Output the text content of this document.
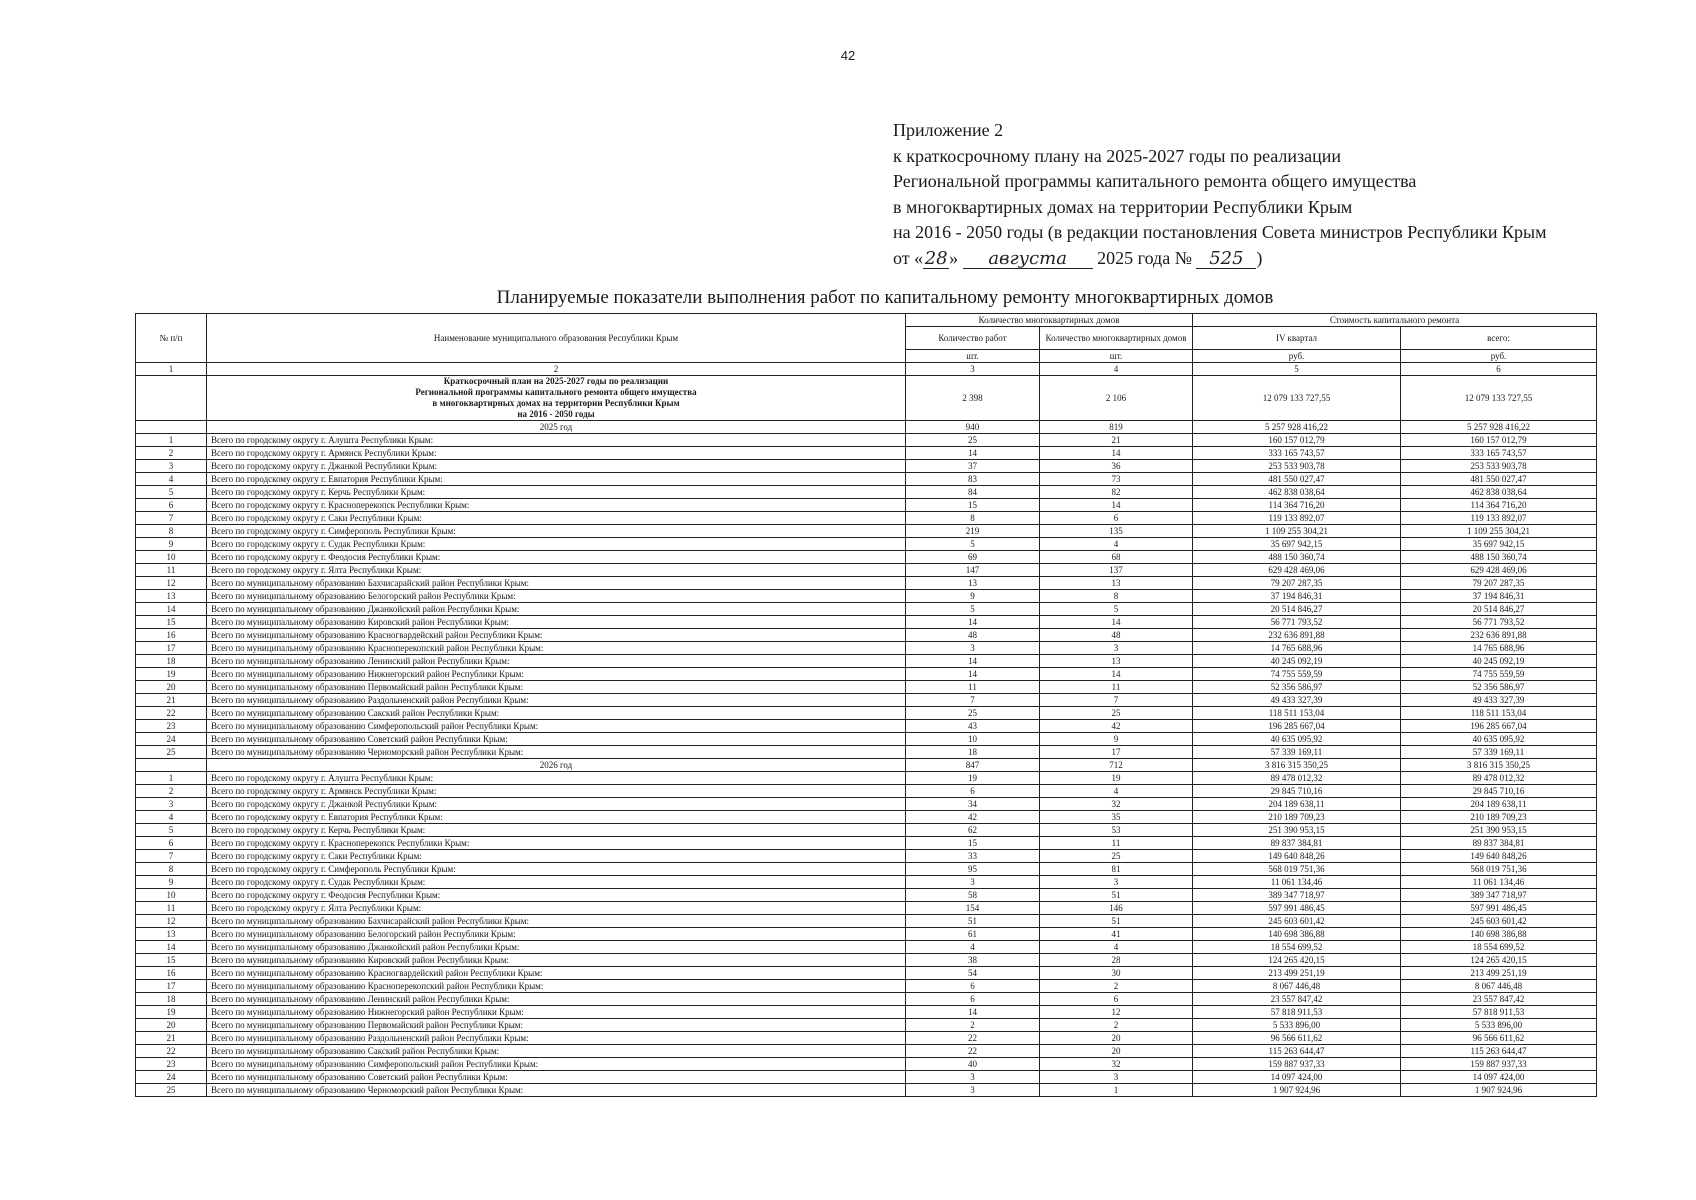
42
Приложение 2
к краткосрочному плану на 2025-2027 годы по реализации
Региональной программы капитального ремонта общего имущества
в многоквартирных домах на территории Республики Крым
на 2016 - 2050 годы (в редакции постановления Совета министров Республики Крым
от «28» августа 2025 года № 525 )
Планируемые показатели выполнения работ по капитальному ремонту многоквартирных домов
№ п/п	Наименование муниципального образования Республики Крым	Количество многоквартирных домов		Стоимость капитального ремонта	
		Количество работ	Количество многоквартирных домов	IV квартал	всего:
		шт.	шт.	руб.	руб.
1	2	3	4	5	6

	Краткосрочный план на 2025-2027 годы по реализации
Региональной программы капитального ремонта общего имущества
в многоквартирных домах на территории Республики Крым
на 2016 - 2050 годы	2 398	2 106	12 079 133 727,55	12 079 133 727,55
	2025 год	940	819	5 257 928 416,22	5 257 928 416,22
1	Всего по городскому округу г. Алушта Республики Крым:	25	21	160 157 012,79	160 157 012,79
2	Всего по городскому округу г. Армянск Республики Крым:	14	14	333 165 743,57	333 165 743,57
3	Всего по городскому округу г. Джанкой Республики Крым:	37	36	253 533 903,78	253 533 903,78
4	Всего по городскому округу г. Евпатория Республики Крым:	83	73	481 550 027,47	481 550 027,47
5	Всего по городскому округу г. Керчь Республики Крым:	84	82	462 838 038,64	462 838 038,64
6	Всего по городскому округу г. Красноперекопск Республики Крым:	15	14	114 364 716,20	114 364 716,20
7	Всего по городскому округу г. Саки Республики Крым:	8	6	119 133 892,07	119 133 892,07
8	Всего по городскому округу г. Симферополь Республики Крым:	219	135	1 109 255 304,21	1 109 255 304,21
9	Всего по городскому округу г. Судак Республики Крым:	5	4	35 697 942,15	35 697 942,15
10	Всего по городскому округу г. Феодосия Республики Крым:	69	68	488 150 360,74	488 150 360,74
11	Всего по городскому округу г. Ялта Республики Крым:	147	137	629 428 469,06	629 428 469,06
12	Всего по муниципальному образованию Бахчисарайский район Республики Крым:	13	13	79 207 287,35	79 207 287,35
13	Всего по муниципальному образованию Белогорский район Республики Крым:	9	8	37 194 846,31	37 194 846,31
14	Всего по муниципальному образованию Джанкойский район Республики Крым:	5	5	20 514 846,27	20 514 846,27
15	Всего по муниципальному образованию Кировский район Республики Крым:	14	14	56 771 793,52	56 771 793,52
16	Всего по муниципальному образованию Красногвардейский район Республики Крым:	48	48	232 636 891,88	232 636 891,88
17	Всего по муниципальному образованию Красноперекопский район Республики Крым:	3	3	14 765 688,96	14 765 688,96
18	Всего по муниципальному образованию Ленинский район Республики Крым:	14	13	40 245 092,19	40 245 092,19
19	Всего по муниципальному образованию Нижнегорский район Республики Крым:	14	14	74 755 559,59	74 755 559,59
20	Всего по муниципальному образованию Первомайский район Республики Крым:	11	11	52 356 586,97	52 356 586,97
21	Всего по муниципальному образованию Раздольненский район Республики Крым:	7	7	49 433 327,39	49 433 327,39
22	Всего по муниципальному образованию Сакский район Республики Крым:	25	25	118 511 153,04	118 511 153,04
23	Всего по муниципальному образованию Симферопольский район Республики Крым:	43	42	196 285 667,04	196 285 667,04
24	Всего по муниципальному образованию Советский район Республики Крым:	10	9	40 635 095,92	40 635 095,92
25	Всего по муниципальному образованию Черноморский район Республики Крым:	18	17	57 339 169,11	57 339 169,11
	2026 год	847	712	3 816 315 350,25	3 816 315 350,25
1	Всего по городскому округу г. Алушта Республики Крым:	19	19	89 478 012,32	89 478 012,32
2	Всего по городскому округу г. Армянск Республики Крым:	6	4	29 845 710,16	29 845 710,16
3	Всего по городскому округу г. Джанкой Республики Крым:	34	32	204 189 638,11	204 189 638,11
4	Всего по городскому округу г. Евпатория Республики Крым:	42	35	210 189 709,23	210 189 709,23
5	Всего по городскому округу г. Керчь Республики Крым:	62	53	251 390 953,15	251 390 953,15
6	Всего по городскому округу г. Красноперекопск Республики Крым:	15	11	89 837 384,81	89 837 384,81
7	Всего по городскому округу г. Саки Республики Крым:	33	25	149 640 848,26	149 640 848,26
8	Всего по городскому округу г. Симферополь Республики Крым:	95	81	568 019 751,36	568 019 751,36
9	Всего по городскому округу г. Судак Республики Крым:	3	3	11 061 134,46	11 061 134,46
10	Всего по городскому округу г. Феодосия Республики Крым:	58	51	389 347 718,97	389 347 718,97
11	Всего по городскому округу г. Ялта Республики Крым:	154	146	597 991 486,45	597 991 486,45
12	Всего по муниципальному образованию Бахчисарайский район Республики Крым:	51	51	245 603 601,42	245 603 601,42
13	Всего по муниципальному образованию Белогорский район Республики Крым:	61	41	140 698 386,88	140 698 386,88
14	Всего по муниципальному образованию Джанкойский район Республики Крым:	4	4	18 554 699,52	18 554 699,52
15	Всего по муниципальному образованию Кировский район Республики Крым:	38	28	124 265 420,15	124 265 420,15
16	Всего по муниципальному образованию Красногвардейский район Республики Крым:	54	30	213 499 251,19	213 499 251,19
17	Всего по муниципальному образованию Красноперекопский район Республики Крым:	6	2	8 067 446,48	8 067 446,48
18	Всего по муниципальному образованию Ленинский район Республики Крым:	6	6	23 557 847,42	23 557 847,42
19	Всего по муниципальному образованию Нижнегорский район Республики Крым:	14	12	57 818 911,53	57 818 911,53
20	Всего по муниципальному образованию Первомайский район Республики Крым:	2	2	5 533 896,00	5 533 896,00
21	Всего по муниципальному образованию Раздольненский район Республики Крым:	22	20	96 566 611,62	96 566 611,62
22	Всего по муниципальному образованию Сакский район Республики Крым:	22	20	115 263 644,47	115 263 644,47
23	Всего по муниципальному образованию Симферопольский район Республики Крым:	40	32	159 887 937,33	159 887 937,33
24	Всего по муниципальному образованию Советский район Республики Крым:	3	3	14 097 424,00	14 097 424,00
25	Всего по муниципальному образованию Черноморский район Республики Крым:	3	1	1 907 924,96	1 907 924,96
